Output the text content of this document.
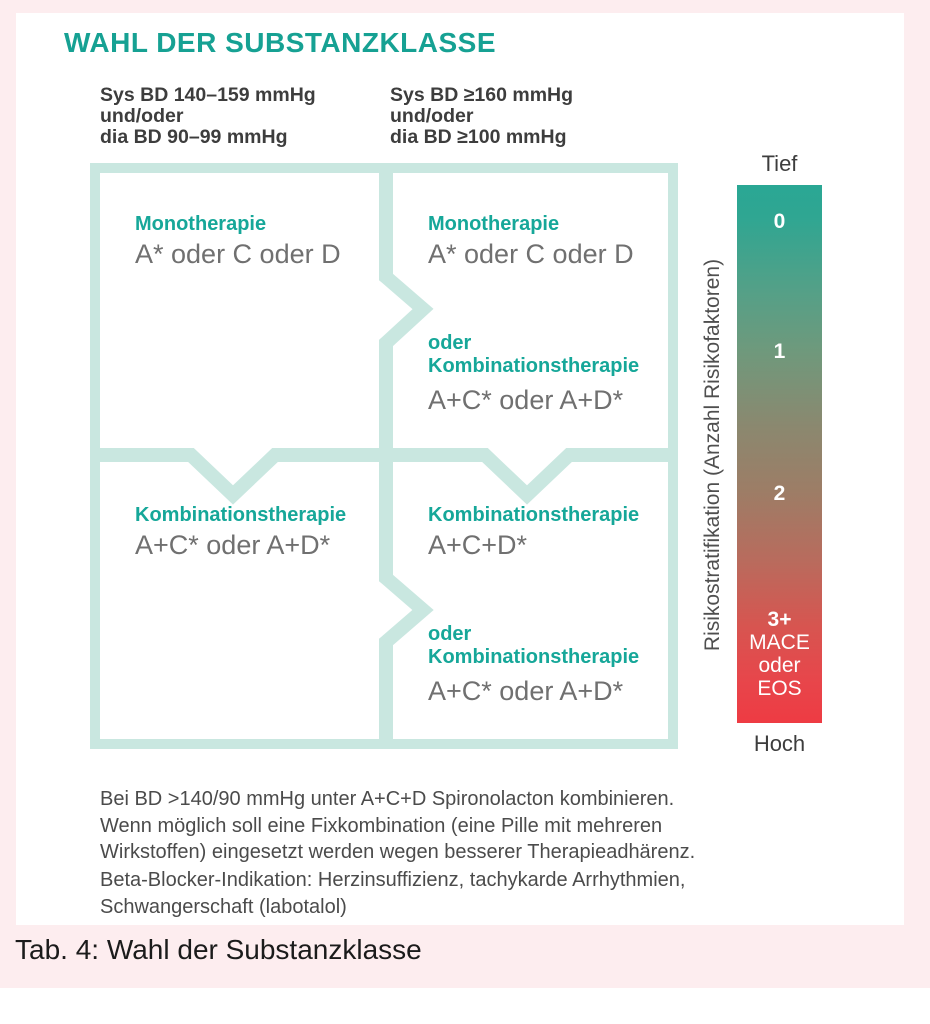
WAHL DER SUBSTANZKLASSE
Sys BD 140–159 mmHg
und/oder
dia BD 90–99 mmHg
Sys BD ≥160 mmHg
und/oder
dia BD ≥100 mmHg
Monotherapie
A* oder C oder D
Monotherapie
A* oder C oder D
oder
Kombinationstherapie
A+C* oder A+D*
Kombinationstherapie
A+C* oder A+D*
Kombinationstherapie
A+C+D*
oder
Kombinationstherapie
A+C* oder A+D*
Tief
0
1
2
3+
MACE
oder
EOS
Hoch
Risikostratifikation (Anzahl Risikofaktoren)
Bei BD >140/90 mmHg unter A+C+D Spironolacton kombinieren.
Wenn möglich soll eine Fixkombination (eine Pille mit mehreren
Wirkstoffen) eingesetzt werden wegen besserer Therapieadhärenz.
Beta-Blocker-Indikation: Herzinsuffizienz, tachykarde Arrhythmien,
Schwangerschaft (labotalol)
Tab. 4: Wahl der Substanzklasse
